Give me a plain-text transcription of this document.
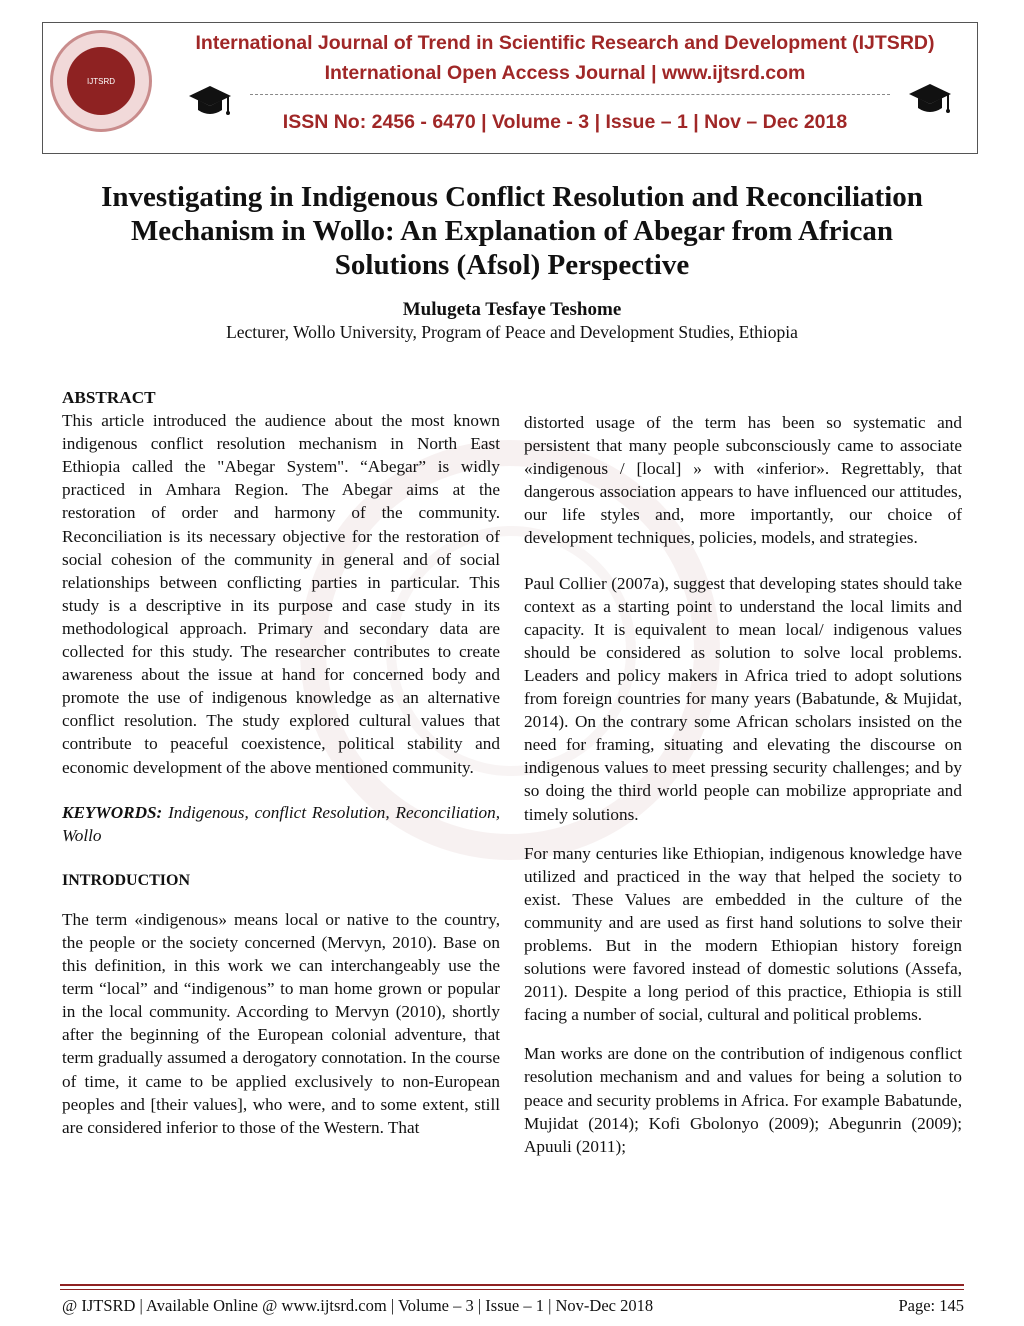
IJTSRD
International Journal of Trend in Scientific Research and Development (IJTSRD)
International Open Access Journal | www.ijtsrd.com
ISSN No: 2456 - 6470 | Volume - 3 | Issue – 1 | Nov – Dec 2018
Investigating in Indigenous Conflict Resolution and Reconciliation
Mechanism in Wollo: An Explanation of Abegar from African
Solutions (Afsol) Perspective
Mulugeta Tesfaye Teshome
Lecturer, Wollo University, Program of Peace and Development Studies, Ethiopia

ABSTRACT

This article introduced the audience about the most known indigenous conflict resolution mechanism in North East Ethiopia called the "Abegar System". “Abegar” is widly practiced in Amhara Region. The Abegar aims at the restoration of order and harmony of the community. Reconciliation is its necessary objective for the restoration of social cohesion of the community in general and of social relationships between conflicting parties in particular. This study is a descriptive in its purpose and case study in its methodological approach. Primary and secondary data are collected for this study. The researcher contributes to create awareness about the issue at hand for concerned body and promote the use of indigenous knowledge as an alternative conflict resolution. The study explored cultural values that contribute to peaceful coexistence, political stability and economic development of the above mentioned community.

KEYWORDS: Indigenous, conflict Resolution, Reconciliation, Wollo

INTRODUCTION

The term «indigenous» means local or native to the country, the people or the society concerned (Mervyn, 2010). Base on this definition, in this work we can interchangeably use the term “local” and “indigenous” to man home grown or popular in the local community. According to Mervyn (2010), shortly after the beginning of the European colonial adventure, that term gradually assumed a derogatory connotation. In the course of time, it came to be applied exclusively to non-European peoples and [their values], who were, and to some extent, still are considered inferior to those of the Western. That

distorted usage of the term has been so systematic and persistent that many people subconsciously came to associate «indigenous / [local] » with «inferior». Regrettably, that dangerous association appears to have influenced our attitudes, our life styles and, more importantly, our choice of development techniques, policies, models, and strategies.

Paul Collier (2007a), suggest that developing states should take context as a starting point to understand the local limits and capacity. It is equivalent to mean local/ indigenous values should be considered as solution to solve local problems. Leaders and policy makers in Africa tried to adopt solutions from foreign countries for many years (Babatunde, & Mujidat, 2014). On the contrary some African scholars insisted on the need for framing, situating and elevating the discourse on indigenous values to meet pressing security challenges; and by so doing the third world people can mobilize appropriate and timely solutions.

For many centuries like Ethiopian, indigenous knowledge have utilized and practiced in the way that helped the society to exist. These Values are embedded in the culture of the community and are used as first hand solutions to solve their problems. But in the modern Ethiopian history foreign solutions were favored instead of domestic solutions (Assefa, 2011). Despite a long period of this practice, Ethiopia is still facing a number of social, cultural and political problems.

Man works are done on the contribution of indigenous conflict resolution mechanism and and values for being a solution to peace and security problems in Africa. For example Babatunde, Mujidat (2014); Kofi Gbolonyo (2009); Abegunrin (2009); Apuuli (2011);

@ IJTSRD | Available Online @ www.ijtsrd.com | Volume – 3 | Issue – 1 | Nov-Dec 2018	Page: 145
